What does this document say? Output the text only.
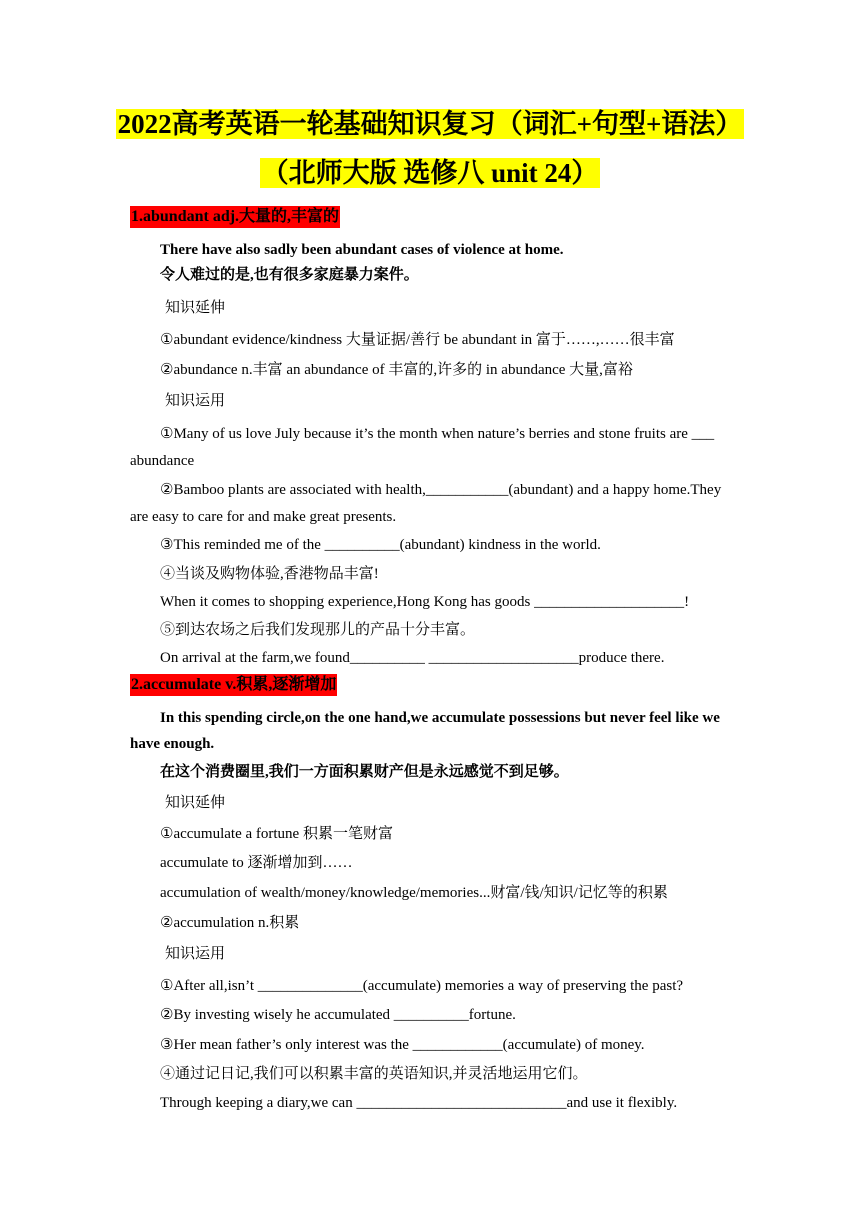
2022高考英语一轮基础知识复习（词汇+句型+语法）
（北师大版 选修八 unit 24）
1.abundant adj.大量的,丰富的
There have also sadly been abundant cases of violence at home.
令人难过的是,也有很多家庭暴力案件。
知识延伸
①abundant evidence/kindness 大量证据/善行 be abundant in 富于……,……很丰富
②abundance n.丰富 an abundance of 丰富的,许多的 in abundance 大量,富裕
知识运用
①Many of us love July because it’s the month when nature’s berries and stone fruits are ___ abundance
②Bamboo plants are associated with health,___________(abundant) and a happy home.They are easy to care for and make great presents.
③This reminded me of the __________(abundant) kindness in the world.
④当谈及购物体验,香港物品丰富!
When it comes to shopping experience,Hong Kong has goods ____________________!
⑤到达农场之后我们发现那儿的产品十分丰富。
On arrival at the farm,we found__________ ____________________produce there.
2.accumulate v.积累,逐渐增加
In this spending circle,on the one hand,we accumulate possessions but never feel like we have enough.
在这个消费圈里,我们一方面积累财产但是永远感觉不到足够。
知识延伸
①accumulate a fortune 积累一笔财富
accumulate to 逐渐增加到……
accumulation of wealth/money/knowledge/memories...财富/钱/知识/记忆等的积累
②accumulation n.积累
知识运用
①After all,isn’t ______________(accumulate) memories a way of preserving the past?
②By investing wisely he accumulated __________fortune.
③Her mean father’s only interest was the ____________(accumulate) of money.
④通过记日记,我们可以积累丰富的英语知识,并灵活地运用它们。
Through keeping a diary,we can ____________________________and use it flexibly.
